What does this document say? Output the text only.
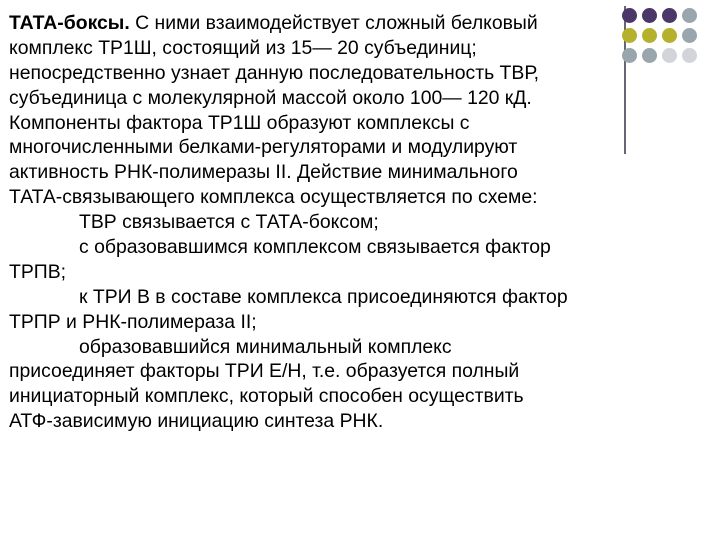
ТАТА-боксы. С ними взаимодействует сложный белковый
комплекс ТР1Ш, состоящий из 15— 20 субъединиц;
непосредственно узнает данную последовательность ТВР,
субъединица с молекулярной массой около 100— 120 кД.
Компоненты фактора ТР1Ш образуют комплексы с
многочисленными белками-регуляторами и модулируют
активность РНК-полимеразы II. Действие минимального
ТАТА-связывающего комплекса осуществляется по схеме:
ТВР связывается с ТАТА-боксом;
с образовавшимся комплексом связывается фактор
ТРПВ;
к ТРИ В в составе комплекса присоединяются фактор
ТРПР и РНК-полимераза II;
образовавшийся минимальный комплекс
присоединяет факторы ТРИ Е/Н, т.е. образуется полный
инициаторный комплекс, который способен осуществить
АТФ-зависимую инициацию синтеза РНК.
